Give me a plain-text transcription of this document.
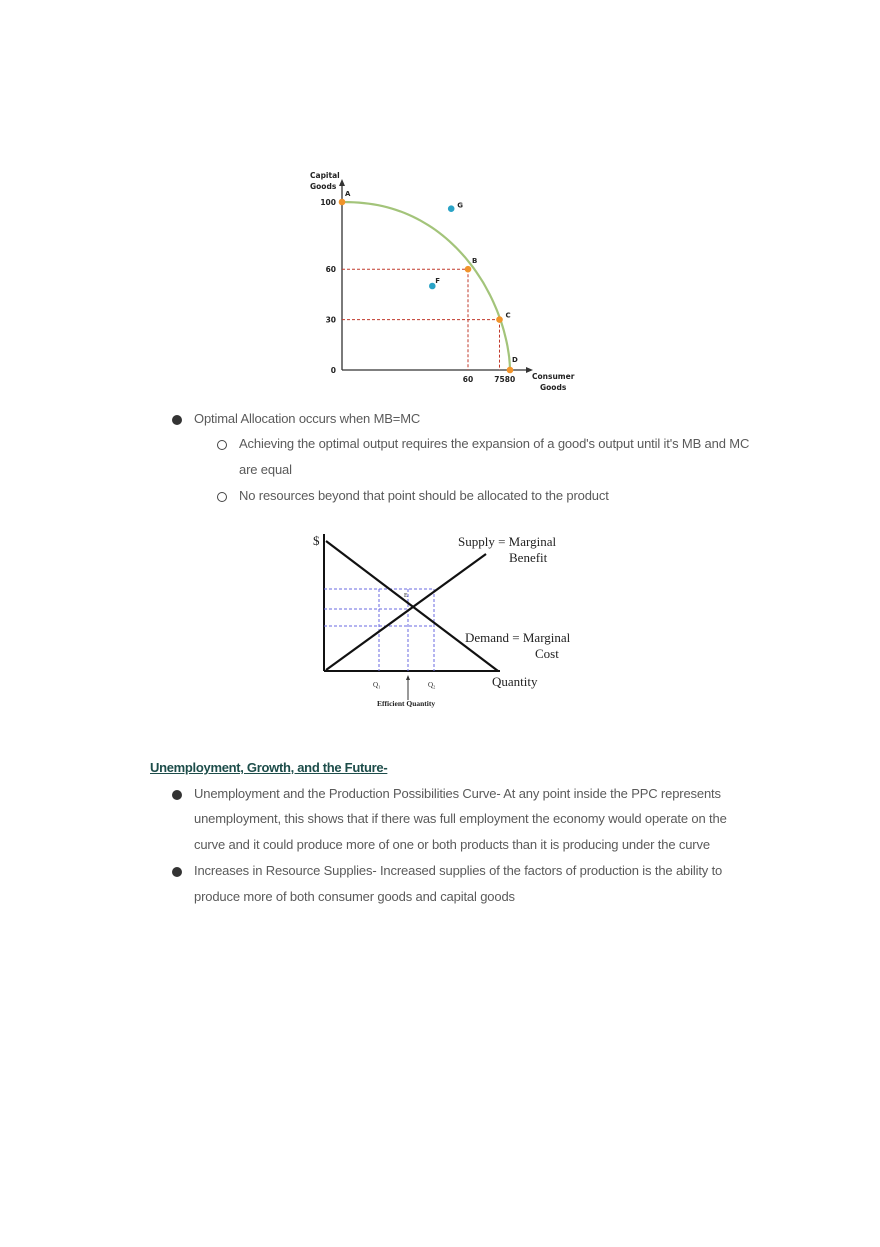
Capital
Goods
Consumer
Goods
100
60
30
0
60	75 80
A
B
C
D
F
G
Optimal Allocation occurs when MB=MC
Achieving the optimal output requires the expansion of a good's output until it's MB and MC
are equal
No resources beyond that point should be allocated to the product
$
E
Supply = Marginal
Benefit
Demand = Marginal
Cost
Quantity
Q₁	Q₂
Efficient Quantity
Unemployment, Growth, and the Future-
Unemployment and the Production Possibilities Curve- At any point inside the PPC represents
unemployment, this shows that if there was full employment the economy would operate on the
curve and it could produce more of one or both products than it is producing under the curve
Increases in Resource Supplies- Increased supplies of the factors of production is the ability to
produce more of both consumer goods and capital goods
